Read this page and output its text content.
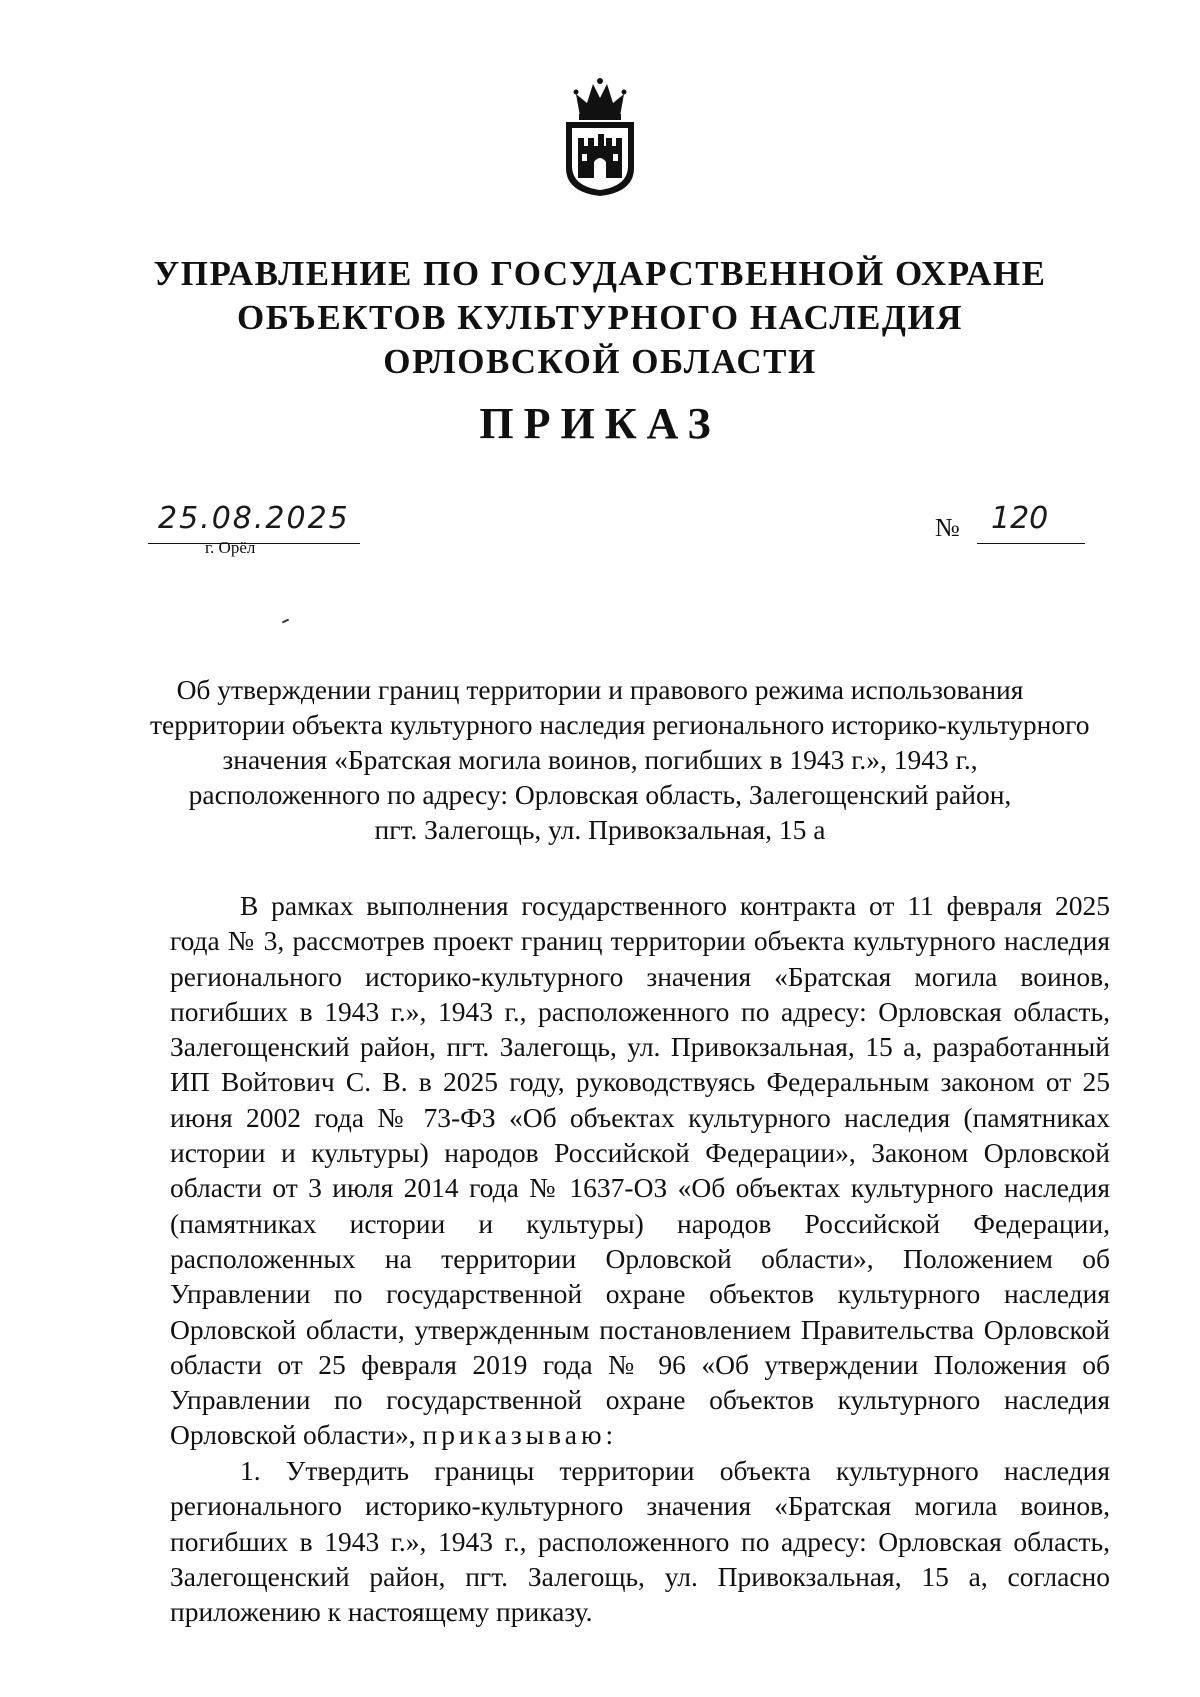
УПРАВЛЕНИЕ ПО ГОСУДАРСТВЕННОЙ ОХРАНЕ
ОБЪЕКТОВ КУЛЬТУРНОГО НАСЛЕДИЯ
ОРЛОВСКОЙ ОБЛАСТИ
ПРИКАЗ
25.08.2025
г. Орёл
№ 120
Об утверждении границ территории и правового режима использования
территории объекта культурного наследия регионального историко-культурного
значения «Братская могила воинов, погибших в 1943 г.», 1943 г.,
расположенного по адресу: Орловская область, Залегощенский район,
пгт. Залегощь, ул. Привокзальная, 15 а
В рамках выполнения государственного контракта от 11 февраля 2025 года № 3, рассмотрев проект границ территории объекта культурного наследия регионального историко-культурного значения «Братская могила воинов, погибших в 1943 г.», 1943 г., расположенного по адресу: Орловская область, Залегощенский район, пгт. Залегощь, ул. Привокзальная, 15 а, разработанный ИП Войтович С. В. в 2025 году, руководствуясь Федеральным законом от 25 июня 2002 года № 73-ФЗ «Об объектах культурного наследия (памятниках истории и культуры) народов Российской Федерации», Законом Орловской области от 3 июля 2014 года № 1637-ОЗ «Об объектах культурного наследия (памятниках истории и культуры) народов Российской Федерации, расположенных на территории Орловской области», Положением об Управлении по государственной охране объектов культурного наследия Орловской области, утвержденным постановлением Правительства Орловской области от 25 февраля 2019 года № 96 «Об утверждении Положения об Управлении по государственной охране объектов культурного наследия Орловской области», приказываю:
1. Утвердить границы территории объекта культурного наследия регионального историко-культурного значения «Братская могила воинов, погибших в 1943 г.», 1943 г., расположенного по адресу: Орловская область, Залегощенский район, пгт. Залегощь, ул. Привокзальная, 15 а, согласно приложению к настоящему приказу.
